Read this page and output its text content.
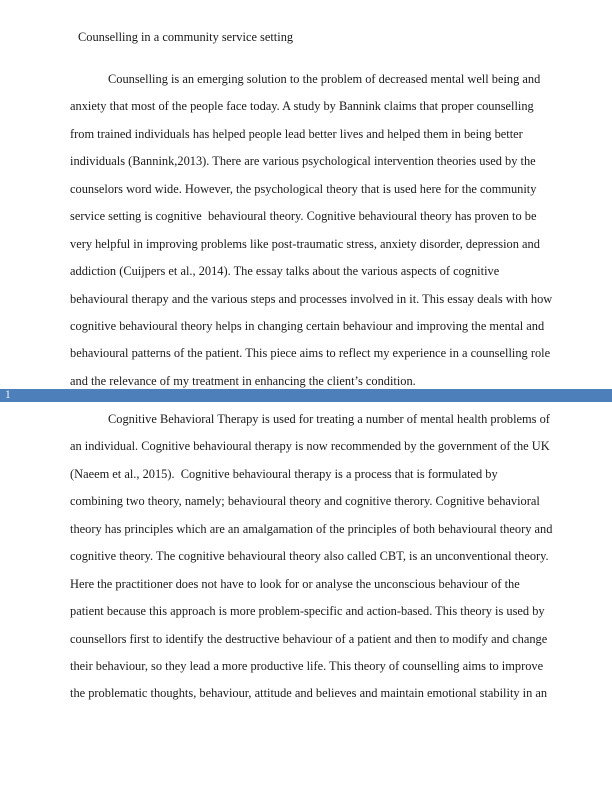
Counselling in a community service setting
Counselling is an emerging solution to the problem of decreased mental well being and
anxiety that most of the people face today. A study by Bannink claims that proper counselling
from trained individuals has helped people lead better lives and helped them in being better
individuals (Bannink,2013). There are various psychological intervention theories used by the
counselors word wide. However, the psychological theory that is used here for the community
service setting is cognitive  behavioural theory. Cognitive behavioural theory has proven to be
very helpful in improving problems like post-traumatic stress, anxiety disorder, depression and
addiction (Cuijpers et al., 2014). The essay talks about the various aspects of cognitive
behavioural therapy and the various steps and processes involved in it. This essay deals with how
cognitive behavioural theory helps in changing certain behaviour and improving the mental and
behavioural patterns of the patient. This piece aims to reflect my experience in a counselling role
and the relevance of my treatment in enhancing the client’s condition.
1
Cognitive Behavioral Therapy is used for treating a number of mental health problems of
an individual. Cognitive behavioural therapy is now recommended by the government of the UK
(Naeem et al., 2015).  Cognitive behavioural therapy is a process that is formulated by
combining two theory, namely; behavioural theory and cognitive therory. Cognitive behavioral
theory has principles which are an amalgamation of the principles of both behavioural theory and
cognitive theory. The cognitive behavioural theory also called CBT, is an unconventional theory.
Here the practitioner does not have to look for or analyse the unconscious behaviour of the
patient because this approach is more problem-specific and action-based. This theory is used by
counsellors first to identify the destructive behaviour of a patient and then to modify and change
their behaviour, so they lead a more productive life. This theory of counselling aims to improve
the problematic thoughts, behaviour, attitude and believes and maintain emotional stability in an
